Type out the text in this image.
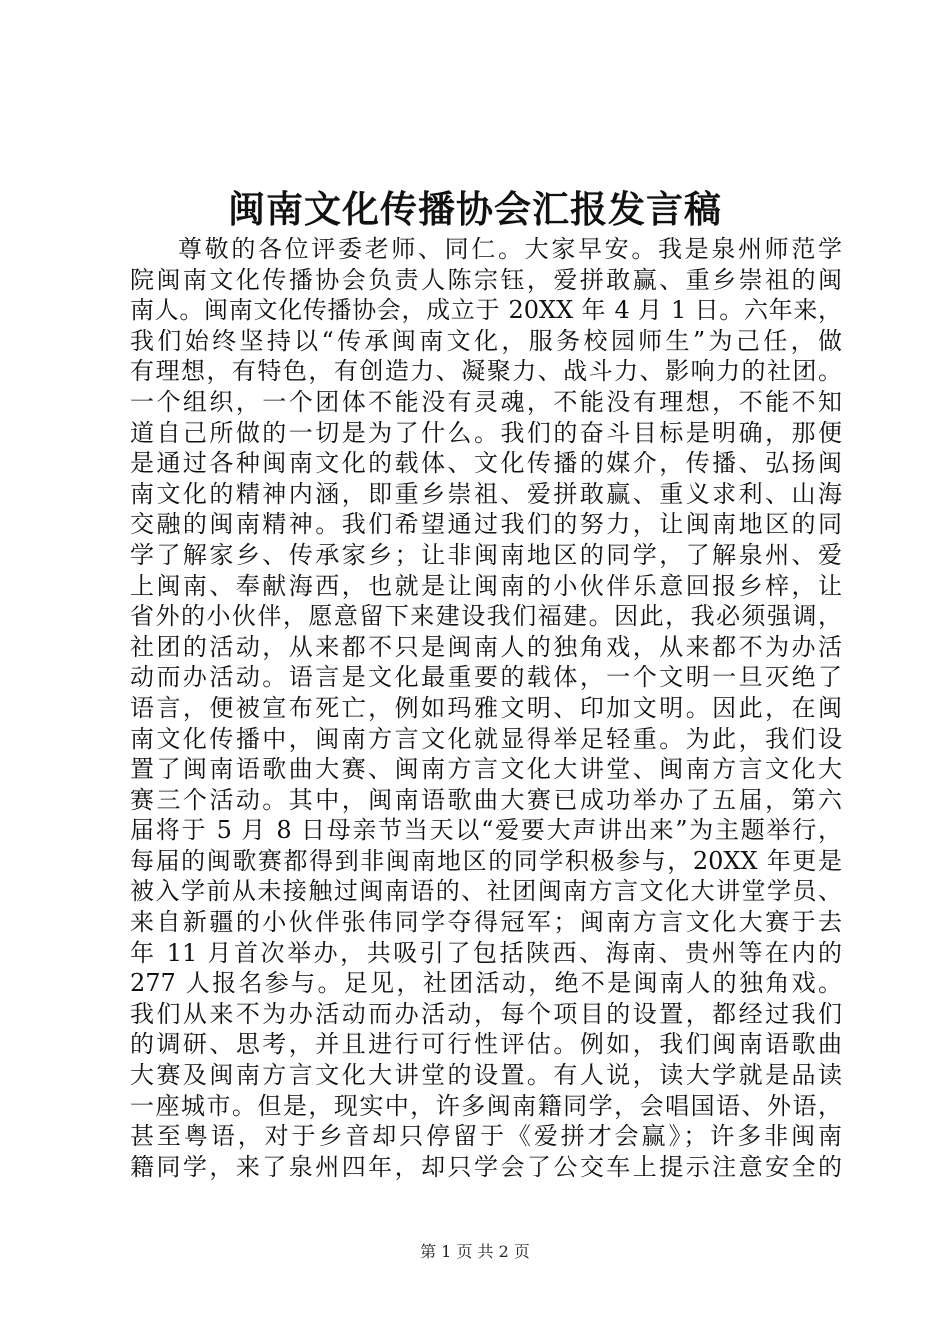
闽南文化传播协会汇报发言稿
尊敬的各位评委老师、同仁。大家早安。我是泉州师范学
院闽南文化传播协会负责人陈宗钰，爱拼敢赢、重乡崇祖的闽
南人。闽南文化传播协会，成立于 20XX 年 4 月 1 日。六年来，
我们始终坚持以“传承闽南文化，服务校园师生”为己任，做
有理想，有特色，有创造力、凝聚力、战斗力、影响力的社团。
一个组织，一个团体不能没有灵魂，不能没有理想，不能不知
道自己所做的一切是为了什么。我们的奋斗目标是明确，那便
是通过各种闽南文化的载体、文化传播的媒介，传播、弘扬闽
南文化的精神内涵，即重乡崇祖、爱拼敢赢、重义求利、山海
交融的闽南精神。我们希望通过我们的努力，让闽南地区的同
学了解家乡、传承家乡；让非闽南地区的同学，了解泉州、爱
上闽南、奉献海西，也就是让闽南的小伙伴乐意回报乡梓，让
省外的小伙伴，愿意留下来建设我们福建。因此，我必须强调，
社团的活动，从来都不只是闽南人的独角戏，从来都不为办活
动而办活动。语言是文化最重要的载体，一个文明一旦灭绝了
语言，便被宣布死亡，例如玛雅文明、印加文明。因此，在闽
南文化传播中，闽南方言文化就显得举足轻重。为此，我们设
置了闽南语歌曲大赛、闽南方言文化大讲堂、闽南方言文化大
赛三个活动。其中，闽南语歌曲大赛已成功举办了五届，第六
届将于 5 月 8 日母亲节当天以“爱要大声讲出来”为主题举行，
每届的闽歌赛都得到非闽南地区的同学积极参与，20XX 年更是
被入学前从未接触过闽南语的、社团闽南方言文化大讲堂学员、
来自新疆的小伙伴张伟同学夺得冠军；闽南方言文化大赛于去
年 11 月首次举办，共吸引了包括陕西、海南、贵州等在内的
277 人报名参与。足见，社团活动，绝不是闽南人的独角戏。
我们从来不为办活动而办活动，每个项目的设置，都经过我们
的调研、思考，并且进行可行性评估。例如，我们闽南语歌曲
大赛及闽南方言文化大讲堂的设置。有人说，读大学就是品读
一座城市。但是，现实中，许多闽南籍同学，会唱国语、外语，
甚至粤语，对于乡音却只停留于《爱拼才会赢》；许多非闽南
籍同学，来了泉州四年，却只学会了公交车上提示注意安全的
第 1 页 共 2 页
